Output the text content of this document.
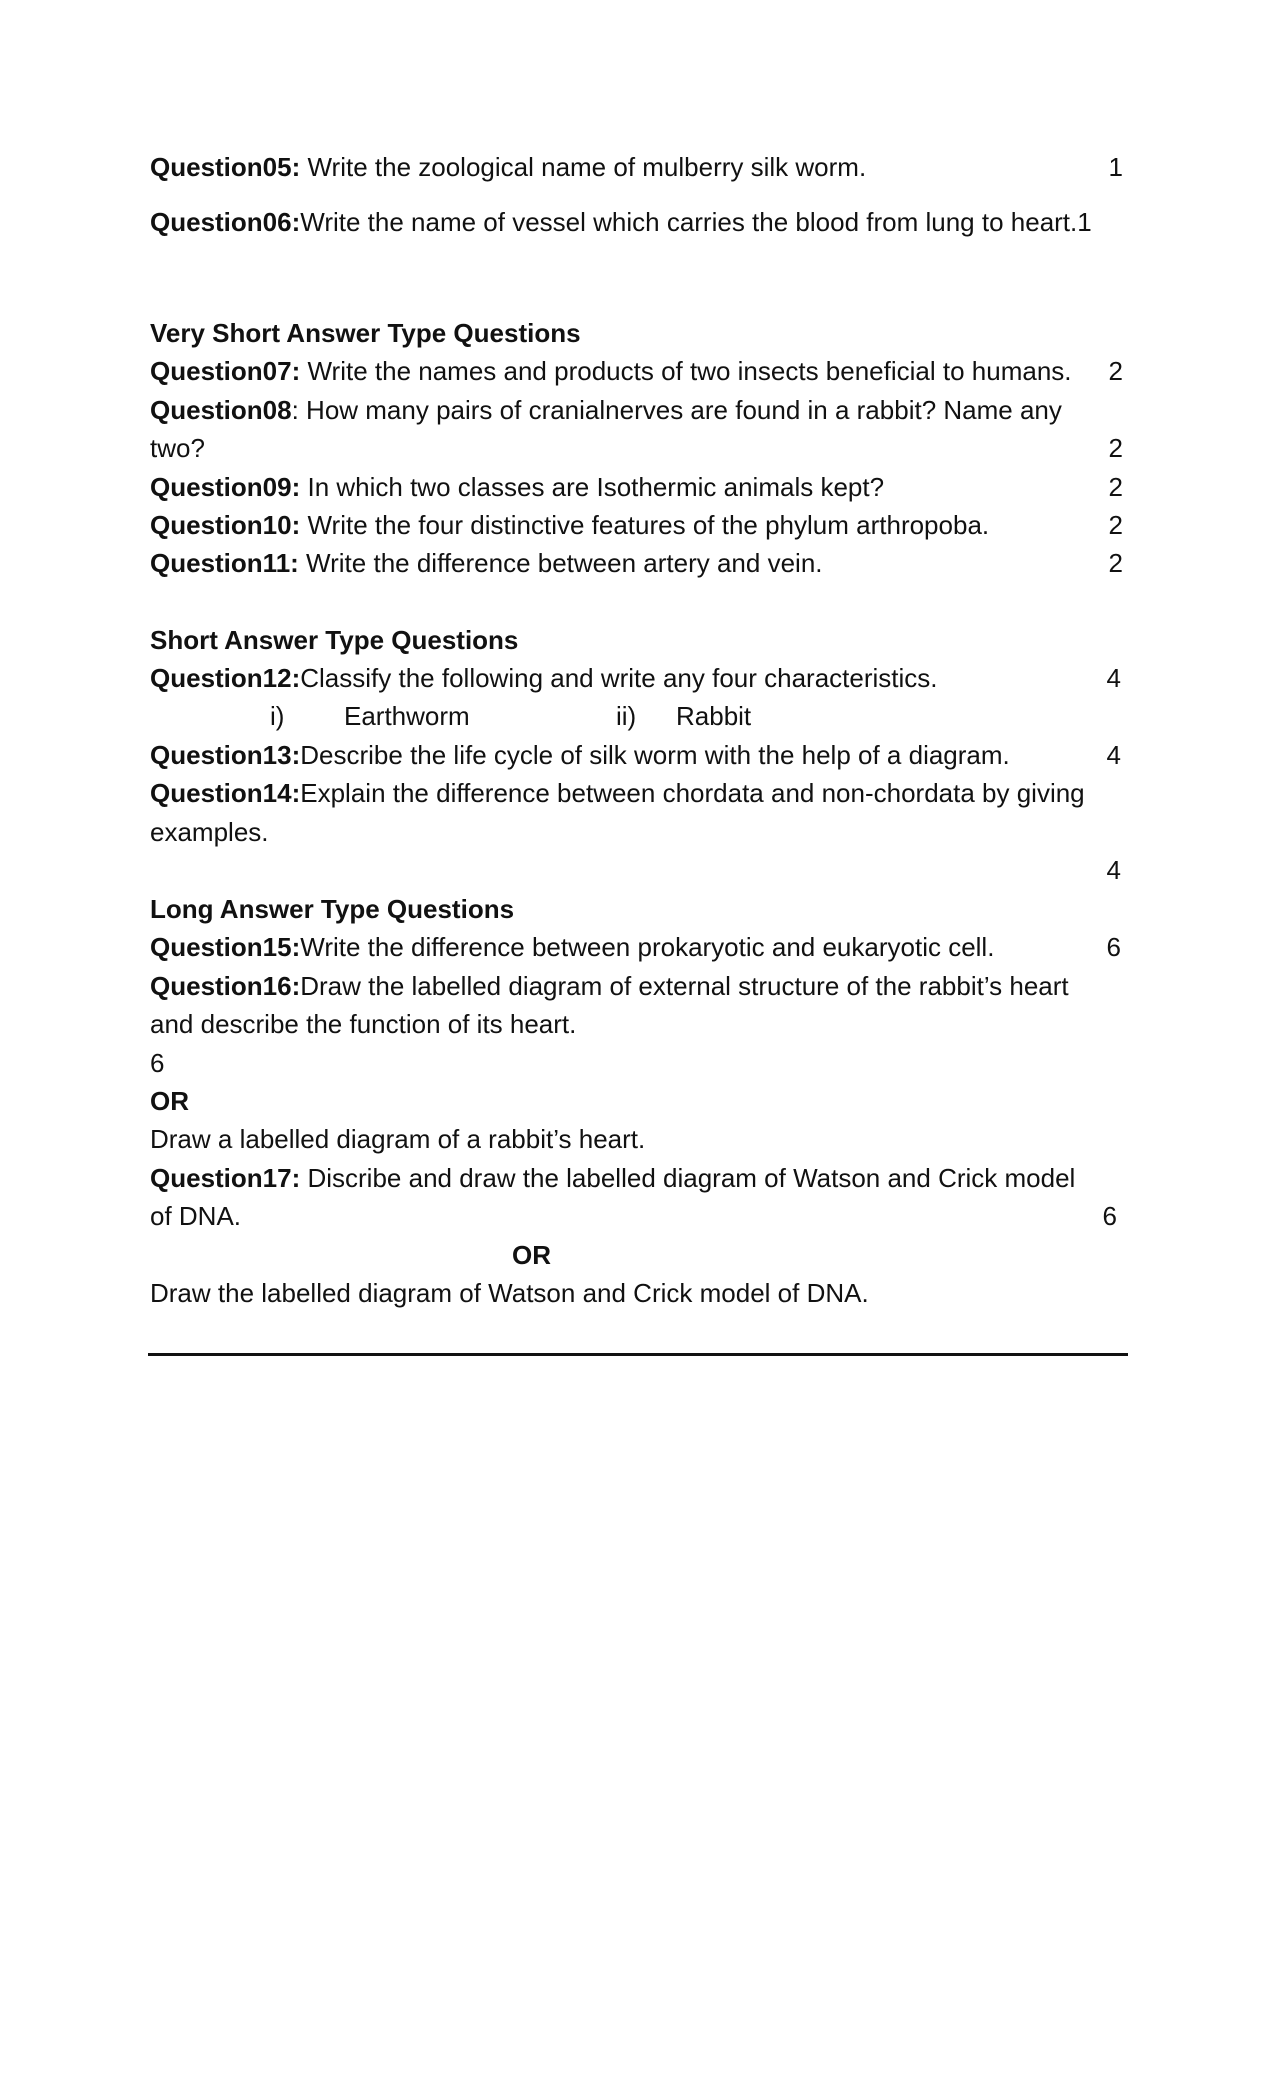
Question05: Write the zoological name of mulberry silk worm.	1
Question06:Write the name of vessel which carries the blood from lung to heart.1
Very Short Answer Type Questions
Question07: Write the names and products of two insects beneficial to humans. 2
Question08: How many pairs of cranialnerves are found in a rabbit? Name any
two?	2
Question09: In which two classes are Isothermic animals kept?	2
Question10: Write the four distinctive features of the phylum arthropoba.	2
Question11: Write the difference between artery and vein.	2
Short Answer Type Questions
Question12:Classify the following and write any four characteristics.	4
i) Earthworm	ii) Rabbit
Question13:Describe the life cycle of silk worm with the help of a diagram.	4
Question14:Explain the difference between chordata and non-chordata by giving
examples.
4
Long Answer Type Questions
Question15:Write the difference between prokaryotic and eukaryotic cell.	6
Question16:Draw the labelled diagram of external structure of the rabbit’s heart
and describe the function of its heart.
6
OR
Draw a labelled diagram of a rabbit’s heart.
Question17: Discribe and draw the labelled diagram of Watson and Crick model
of DNA.	6
OR
Draw the labelled diagram of Watson and Crick model of DNA.
